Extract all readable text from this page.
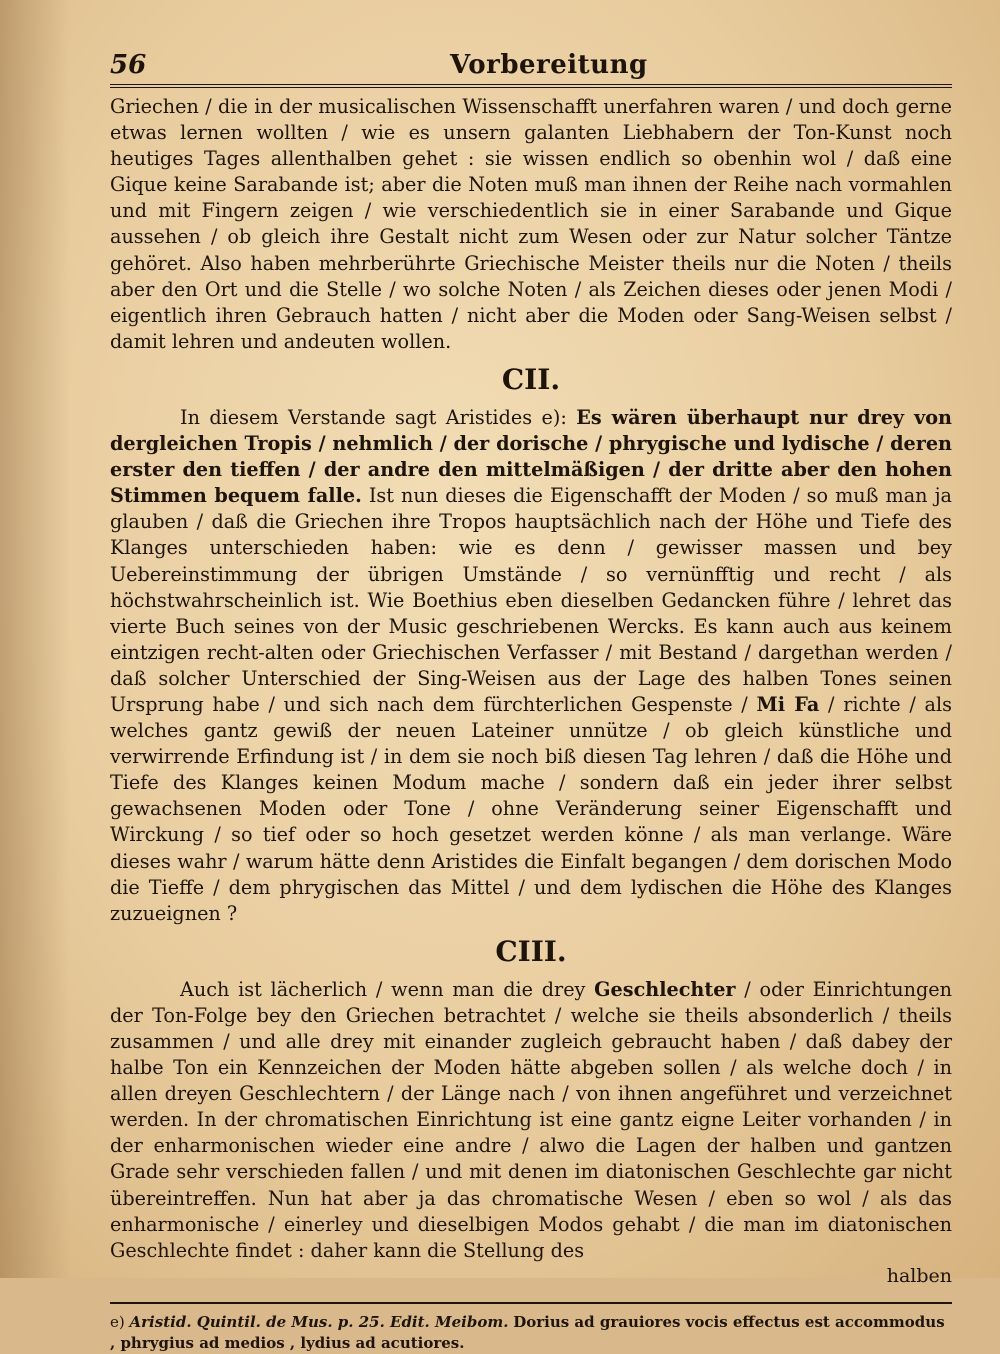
56	Vorbereitung

Griechen / die in der musicalischen Wissenschafft unerfahren waren / und doch gerne etwas lernen wollten / wie es unsern galanten Liebhabern der Ton-Kunst noch heutiges Tages allenthalben gehet : sie wissen endlich so obenhin wol / daß eine Gique keine Sarabande ist; aber die Noten muß man ihnen der Reihe nach vormahlen und mit Fingern zeigen / wie verschiedentlich sie in einer Sarabande und Gique aussehen / ob gleich ihre Gestalt nicht zum Wesen oder zur Natur solcher Täntze gehöret. Also haben mehrberührte Griechische Meister theils nur die Noten / theils aber den Ort und die Stelle / wo solche Noten / als Zeichen dieses oder jenen Modi / eigentlich ihren Gebrauch hatten / nicht aber die Moden oder Sang-Weisen selbst / damit lehren und andeuten wollen.

CII.

In diesem Verstande sagt Aristides e): Es wären überhaupt nur drey von dergleichen Tropis / nehmlich / der dorische / phrygische und lydische / deren erster den tieffen / der andre den mittelmäßigen / der dritte aber den hohen Stimmen bequem falle. Ist nun dieses die Eigenschafft der Moden / so muß man ja glauben / daß die Griechen ihre Tropos hauptsächlich nach der Höhe und Tiefe des Klanges unterschieden haben: wie es denn / gewisser massen und bey Uebereinstimmung der übrigen Umstände / so vernünfftig und recht / als höchstwahrscheinlich ist. Wie Boethius eben dieselben Gedancken führe / lehret das vierte Buch seines von der Music geschriebenen Wercks. Es kann auch aus keinem eintzigen recht-alten oder Griechischen Verfasser / mit Bestand / dargethan werden / daß solcher Unterschied der Sing-Weisen aus der Lage des halben Tones seinen Ursprung habe / und sich nach dem fürchterlichen Gespenste / Mi Fa / richte / als welches gantz gewiß der neuen Lateiner unnütze / ob gleich künstliche und verwirrende Erfindung ist / in dem sie noch biß diesen Tag lehren / daß die Höhe und Tiefe des Klanges keinen Modum mache / sondern daß ein jeder ihrer selbst gewachsenen Moden oder Tone / ohne Veränderung seiner Eigenschafft und Wirckung / so tief oder so hoch gesetzet werden könne / als man verlange. Wäre dieses wahr / warum hätte denn Aristides die Einfalt begangen / dem dorischen Modo die Tieffe / dem phrygischen das Mittel / und dem lydischen die Höhe des Klanges zuzueignen ?

CIII.

Auch ist lächerlich / wenn man die drey Geschlechter / oder Einrichtungen der Ton-Folge bey den Griechen betrachtet / welche sie theils absonderlich / theils zusammen / und alle drey mit einander zugleich gebraucht haben / daß dabey der halbe Ton ein Kennzeichen der Moden hätte abgeben sollen / als welche doch / in allen dreyen Geschlechtern / der Länge nach / von ihnen angeführet und verzeichnet werden. In der chromatischen Einrichtung ist eine gantz eigne Leiter vorhanden / in der enharmonischen wieder eine andre / alwo die Lagen der halben und gantzen Grade sehr verschieden fallen / und mit denen im diatonischen Geschlechte gar nicht übereintreffen. Nun hat aber ja das chromatische Wesen / eben so wol / als das enharmonische / einerley und dieselbigen Modos gehabt / die man im diatonischen Geschlechte findet : daher kann die Stellung des

halben
e) Aristid. Quintil. de Mus. p. 25. Edit. Meibom. Dorius ad grauiores vocis effectus est accommodus , phrygius ad medios , lydius ad acutiores.
